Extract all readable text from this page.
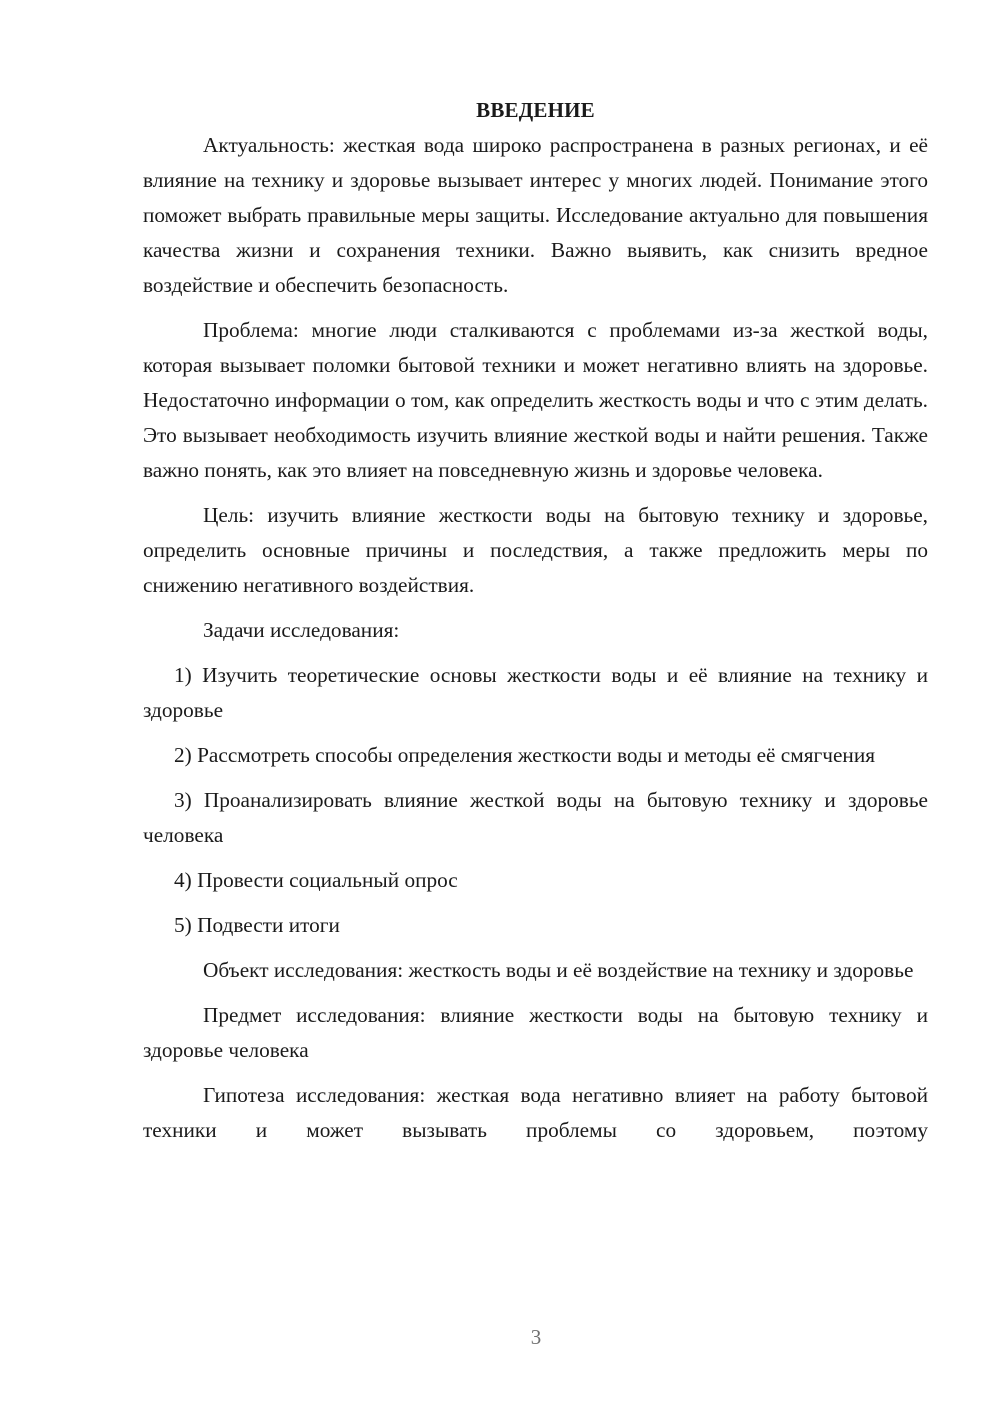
ВВЕДЕНИЕ

Актуальность: жесткая вода широко распространена в разных регионах, и её влияние на технику и здоровье вызывает интерес у многих людей. Понимание этого поможет выбрать правильные меры защиты. Исследование актуально для повышения качества жизни и сохранения техники. Важно выявить, как снизить вредное воздействие и обеспечить безопасность.

Проблема: многие люди сталкиваются с проблемами из-за жесткой воды, которая вызывает поломки бытовой техники и может негативно влиять на здоровье. Недостаточно информации о том, как определить жесткость воды и что с этим делать. Это вызывает необходимость изучить влияние жесткой воды и найти решения. Также важно понять, как это влияет на повседневную жизнь и здоровье человека.

Цель: изучить влияние жесткости воды на бытовую технику и здоровье, определить основные причины и последствия, а также предложить меры по снижению негативного воздействия.

Задачи исследования:

1) Изучить теоретические основы жесткости воды и её влияние на технику и здоровье

2) Рассмотреть способы определения жесткости воды и методы её смягчения

3) Проанализировать влияние жесткой воды на бытовую технику и здоровье человека

4) Провести социальный опрос

5) Подвести итоги

Объект исследования: жесткость воды и её воздействие на технику и здоровье

Предмет исследования: влияние жесткости воды на бытовую технику и здоровье человека

Гипотеза исследования: жесткая вода негативно влияет на работу бытовой техники и может вызывать проблемы со здоровьем, поэтому

3
